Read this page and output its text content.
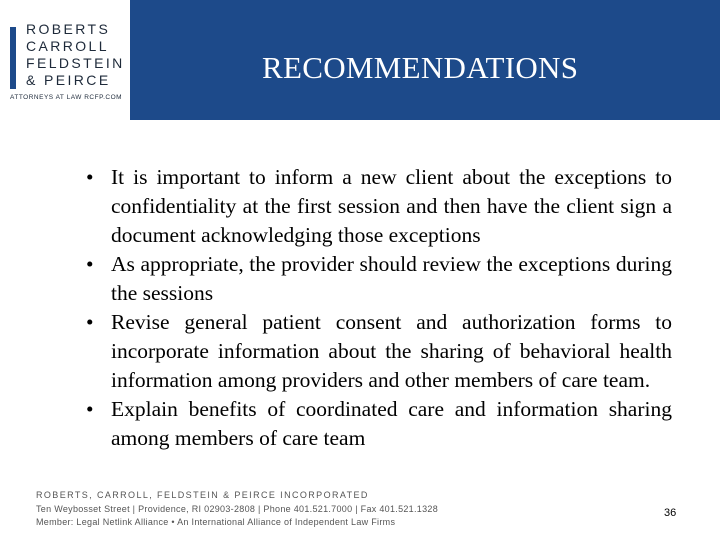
ROBERTS
CARROLL
FELDSTEIN
& PEIRCE
ATTORNEYS AT LAW RCFP.COM
RECOMMENDATIONS
• It is important to inform a new client about the exceptions to confidentiality at the first session and then have the client sign a document acknowledging those exceptions
• As appropriate, the provider should review the exceptions during the sessions
• Revise general patient consent and authorization forms to incorporate information about the sharing of behavioral health information among providers and other members of care team.
• Explain benefits of coordinated care and information sharing among members of care team
ROBERTS, CARROLL, FELDSTEIN & PEIRCE INCORPORATED
Ten Weybosset Street | Providence, RI 02903-2808 | Phone 401.521.7000 | Fax 401.521.1328
Member: Legal Netlink Alliance • An International Alliance of Independent Law Firms
36
